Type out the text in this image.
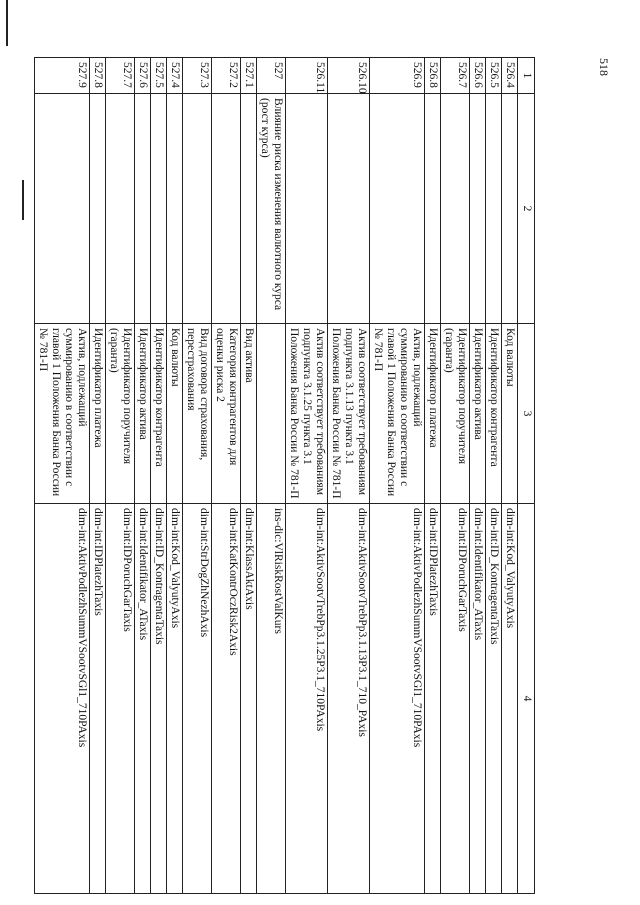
518
1	2	3	4
526.4		Код валюты	dim-int:Kod_ValyutyAxis
526.5		Идентификатор контрагента	dim-int:ID_KontragentaTaxis
526.6		Идентификатор актива	dim-int:Identifikator_ATaxis
526.7		Идентификатор поручителя (гаранта)	dim-int:IDPoruchGarTaxis
526.8		Идентификатор платежа	dim-int:IDPlatezhTaxis
526.9		Актив, подлежащий суммированию в соответствии с главой 1 Положения Банка России № 781-П	dim-int:AktivPodlezhSummVSootvSGl1_710PAxis
526.10		Актив соответствует требованиям подпункта 3.1.13 пункта 3.1 Положения Банка России № 781-П	dim-int:AktivSootvTrebPp3.1.13P3.1_710_PAxis
526.11		Актив соответствует требованиям подпункта 3.1.25 пункта 3.1 Положения Банка России № 781-П	dim-int:AktivSootvTrebPp3.1.25P3.1_710PAxis
527	Влияние риска изменения валютного курса (рост курса)		ins-dic:VlRiskRostValKurs
527.1		Вид актива	dim-int:KlassAktAxis
527.2		Категория контрагентов для оценки риска 2	dim-int:KatKontrOczRisk2Axis
527.3		Вид договора страхования, перестрахования	dim-int:StrDogZhNezhAxis
527.4		Код валюты	dim-int:Kod_ValyutyAxis
527.5		Идентификатор контрагента	dim-int:ID_KontragentaTaxis
527.6		Идентификатор актива	dim-int:Identifikator_ATaxis
527.7		Идентификатор поручителя (гаранта)	dim-int:IDPoruchGarTaxis
527.8		Идентификатор платежа	dim-int:IDPlatezhTaxis
527.9		Актив, подлежащий суммированию в соответствии с главой 1 Положения Банка России № 781-П	dim-int:AktivPodlezhSummVSootvSGl1_710PAxis
